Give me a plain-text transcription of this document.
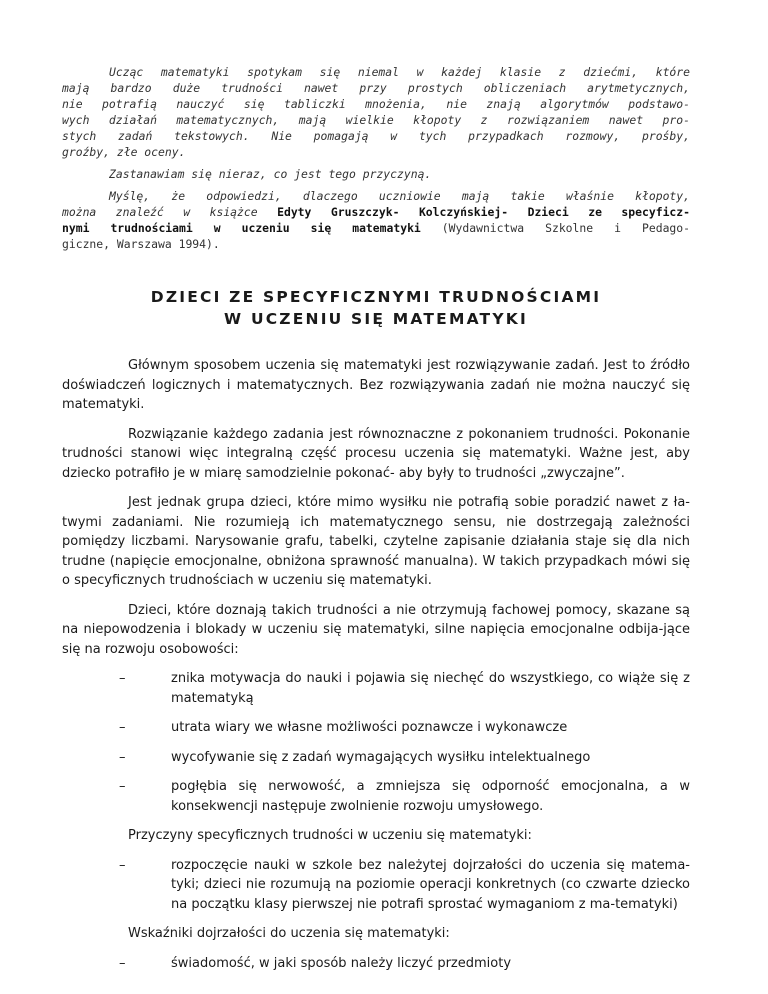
Ucząc matematyki spotykam się niemal w każdej klasie z dziećmi, które
mają bardzo duże trudności nawet przy prostych obliczeniach arytmetycznych,
nie potrafią nauczyć się tabliczki mnożenia, nie znają algorytmów podstawo-
wych działań matematycznych, mają wielkie kłopoty z rozwiązaniem nawet pro-
stych zadań tekstowych. Nie pomagają w tych przypadkach rozmowy, prośby,
groźby, złe oceny.

Zastanawiam się nieraz, co jest tego przyczyną.

Myślę, że odpowiedzi, dlaczego uczniowie mają takie właśnie kłopoty,
można znaleźć w książce Edyty Gruszczyk- Kolczyńskiej- Dzieci ze specyficz-
nymi trudnościami w uczeniu się matematyki (Wydawnictwa Szkolne i Pedago-
giczne, Warszawa 1994).

DZIECI ZE SPECYFICZNYMI TRUDNOŚCIAMI
W UCZENIU SIĘ MATEMATYKI

Głównym sposobem uczenia się matematyki jest rozwiązywanie zadań. Jest to źródło doświadczeń logicznych i matematycznych. Bez rozwiązywania zadań nie można nauczyć się matematyki.

Rozwiązanie każdego zadania jest równoznaczne z pokonaniem trudności. Pokonanie trudności stanowi więc integralną część procesu uczenia się matematyki. Ważne jest, aby dziecko potrafiło je w miarę samodzielnie pokonać- aby były to trudności „zwyczajne”.

Jest jednak grupa dzieci, które mimo wysiłku nie potrafią sobie poradzić nawet z ła-twymi zadaniami. Nie rozumieją ich matematycznego sensu, nie dostrzegają zależności pomiędzy liczbami. Narysowanie grafu, tabelki, czytelne zapisanie działania staje się dla nich trudne (napięcie emocjonalne, obniżona sprawność manualna). W takich przypadkach mówi się o specyficznych trudnościach w uczeniu się matematyki.

Dzieci, które doznają takich trudności a nie otrzymują fachowej pomocy, skazane są na niepowodzenia i blokady w uczeniu się matematyki, silne napięcia emocjonalne odbija-jące się na rozwoju osobowości:

–	znika motywacja do nauki i pojawia się niechęć do wszystkiego, co wiąże się z matematyką
–	utrata wiary we własne możliwości poznawcze i wykonawcze
–	wycofywanie się z zadań wymagających wysiłku intelektualnego
–	pogłębia się nerwowość, a zmniejsza się odporność emocjonalna, a w konsekwencji następuje zwolnienie rozwoju umysłowego.

Przyczyny specyficznych trudności w uczeniu się matematyki:

–	rozpoczęcie nauki w szkole bez należytej dojrzałości do uczenia się matema-tyki; dzieci nie rozumują na poziomie operacji konkretnych (co czwarte dziecko na początku klasy pierwszej nie potrafi sprostać wymaganiom z ma-tematyki)

Wskaźniki dojrzałości do uczenia się matematyki:

–	świadomość, w jaki sposób należy liczyć przedmioty
